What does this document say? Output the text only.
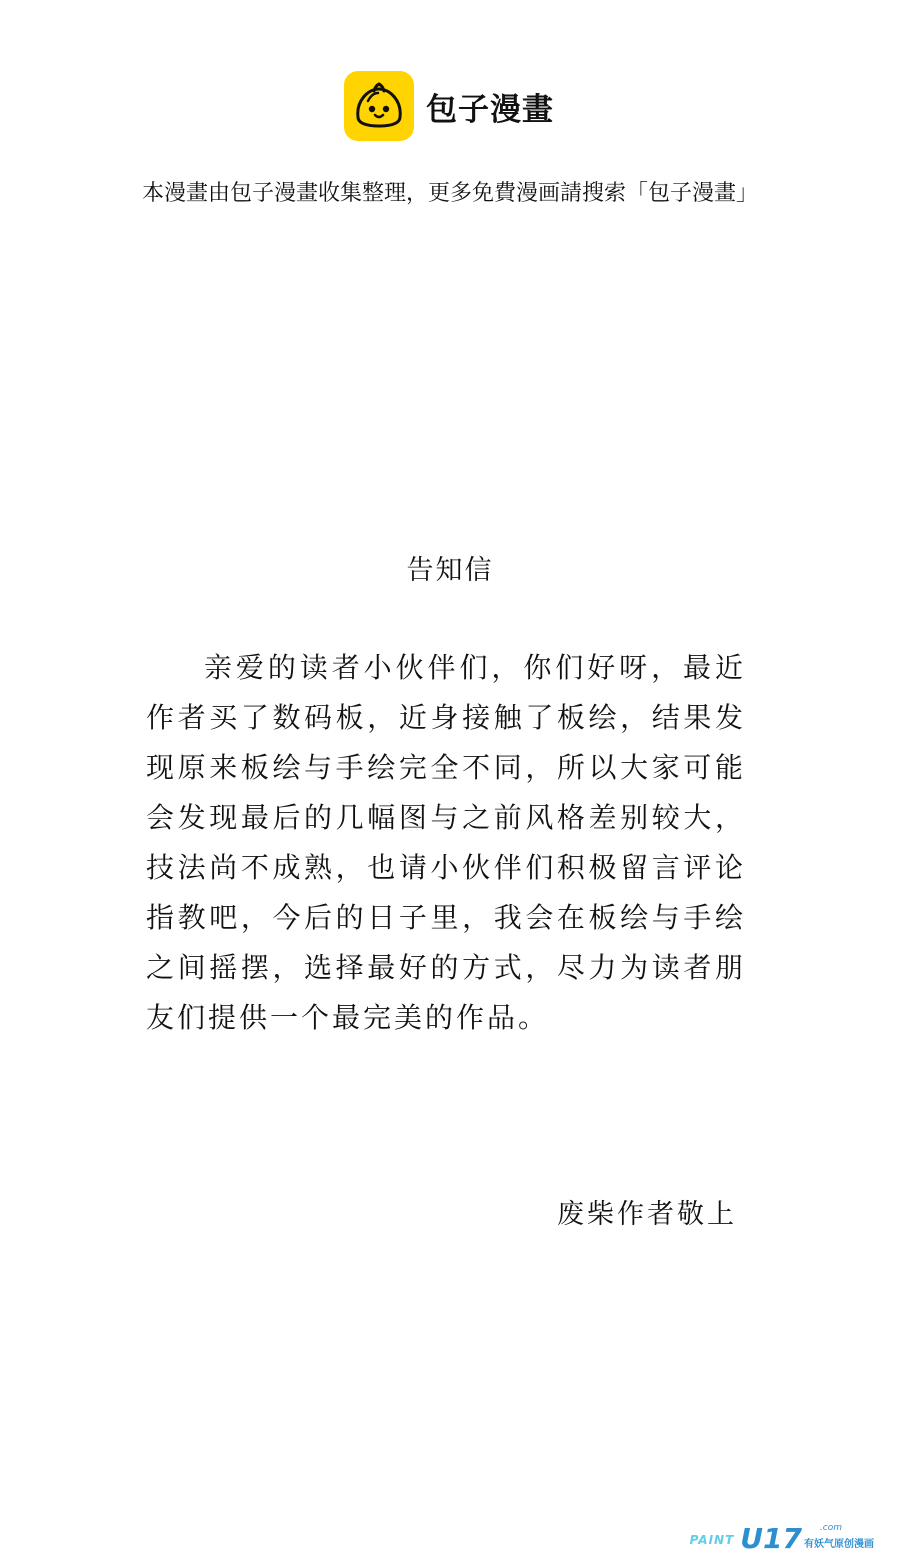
包子漫畫
本漫畫由包子漫畫收集整理，更多免費漫画請搜索「包子漫畫」
告知信

亲爱的读者小伙伴们，你们好呀，最近作者买了数码板，近身接触了板绘，结果发现原来板绘与手绘完全不同，所以大家可能会发现最后的几幅图与之前风格差别较大，技法尚不成熟，也请小伙伴们积极留言评论指教吧，今后的日子里，我会在板绘与手绘之间摇摆，选择最好的方式，尽力为读者朋友们提供一个最完美的作品。

废柴作者敬上
PAINT U17 .com
有妖气原创漫画
